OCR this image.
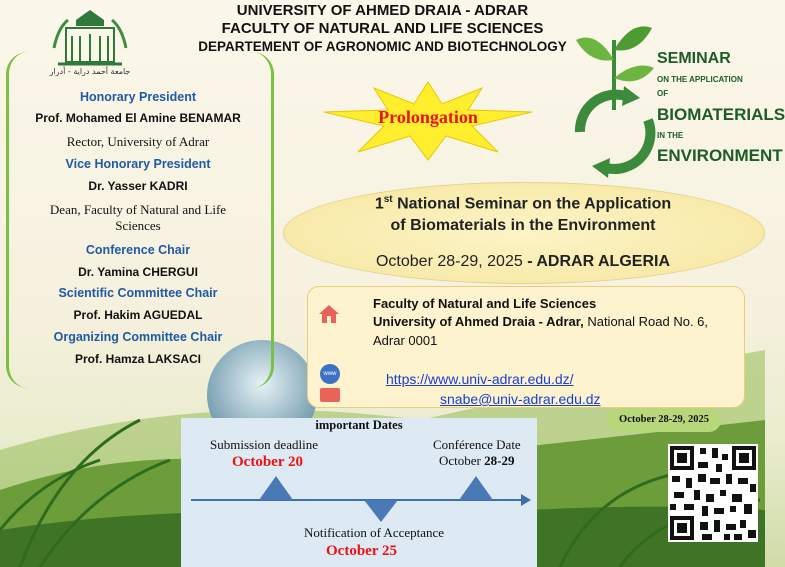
UNIVERSITY OF AHMED DRAIA - ADRAR
FACULTY OF NATURAL AND LIFE SCIENCES
DEPARTEMENT OF AGRONOMIC AND BIOTECHNOLOGY
جامعة أحمد دراية - أدرار
Honorary President
Prof. Mohamed El Amine BENAMAR
Rector, University of Adrar
Vice Honorary President
Dr. Yasser KADRI
Dean, Faculty of Natural and Life Sciences
Conference Chair
Dr. Yamina CHERGUI
Scientific Committee Chair
Prof. Hakim AGUEDAL
Organizing Committee Chair
Prof. Hamza LAKSACI
Prolongation
SEMINAR
ON THE APPLICATION
OF
BIOMATERIALS
IN THE
ENVIRONMENT
1st National Seminar on the Application
of Biomaterials in the Environment
October 28-29, 2025 - ADRAR ALGERIA
Faculty of Natural and Life Sciences
University of Ahmed Draia - Adrar, National Road No. 6,
Adrar 0001
www	https://www.univ-adrar.edu.dz/
snabe@univ-adrar.edu.dz
October 28-29, 2025
important Dates
Submission deadline
October 20
Conférence Date
October 28-29
Notification of Acceptance
October 25
